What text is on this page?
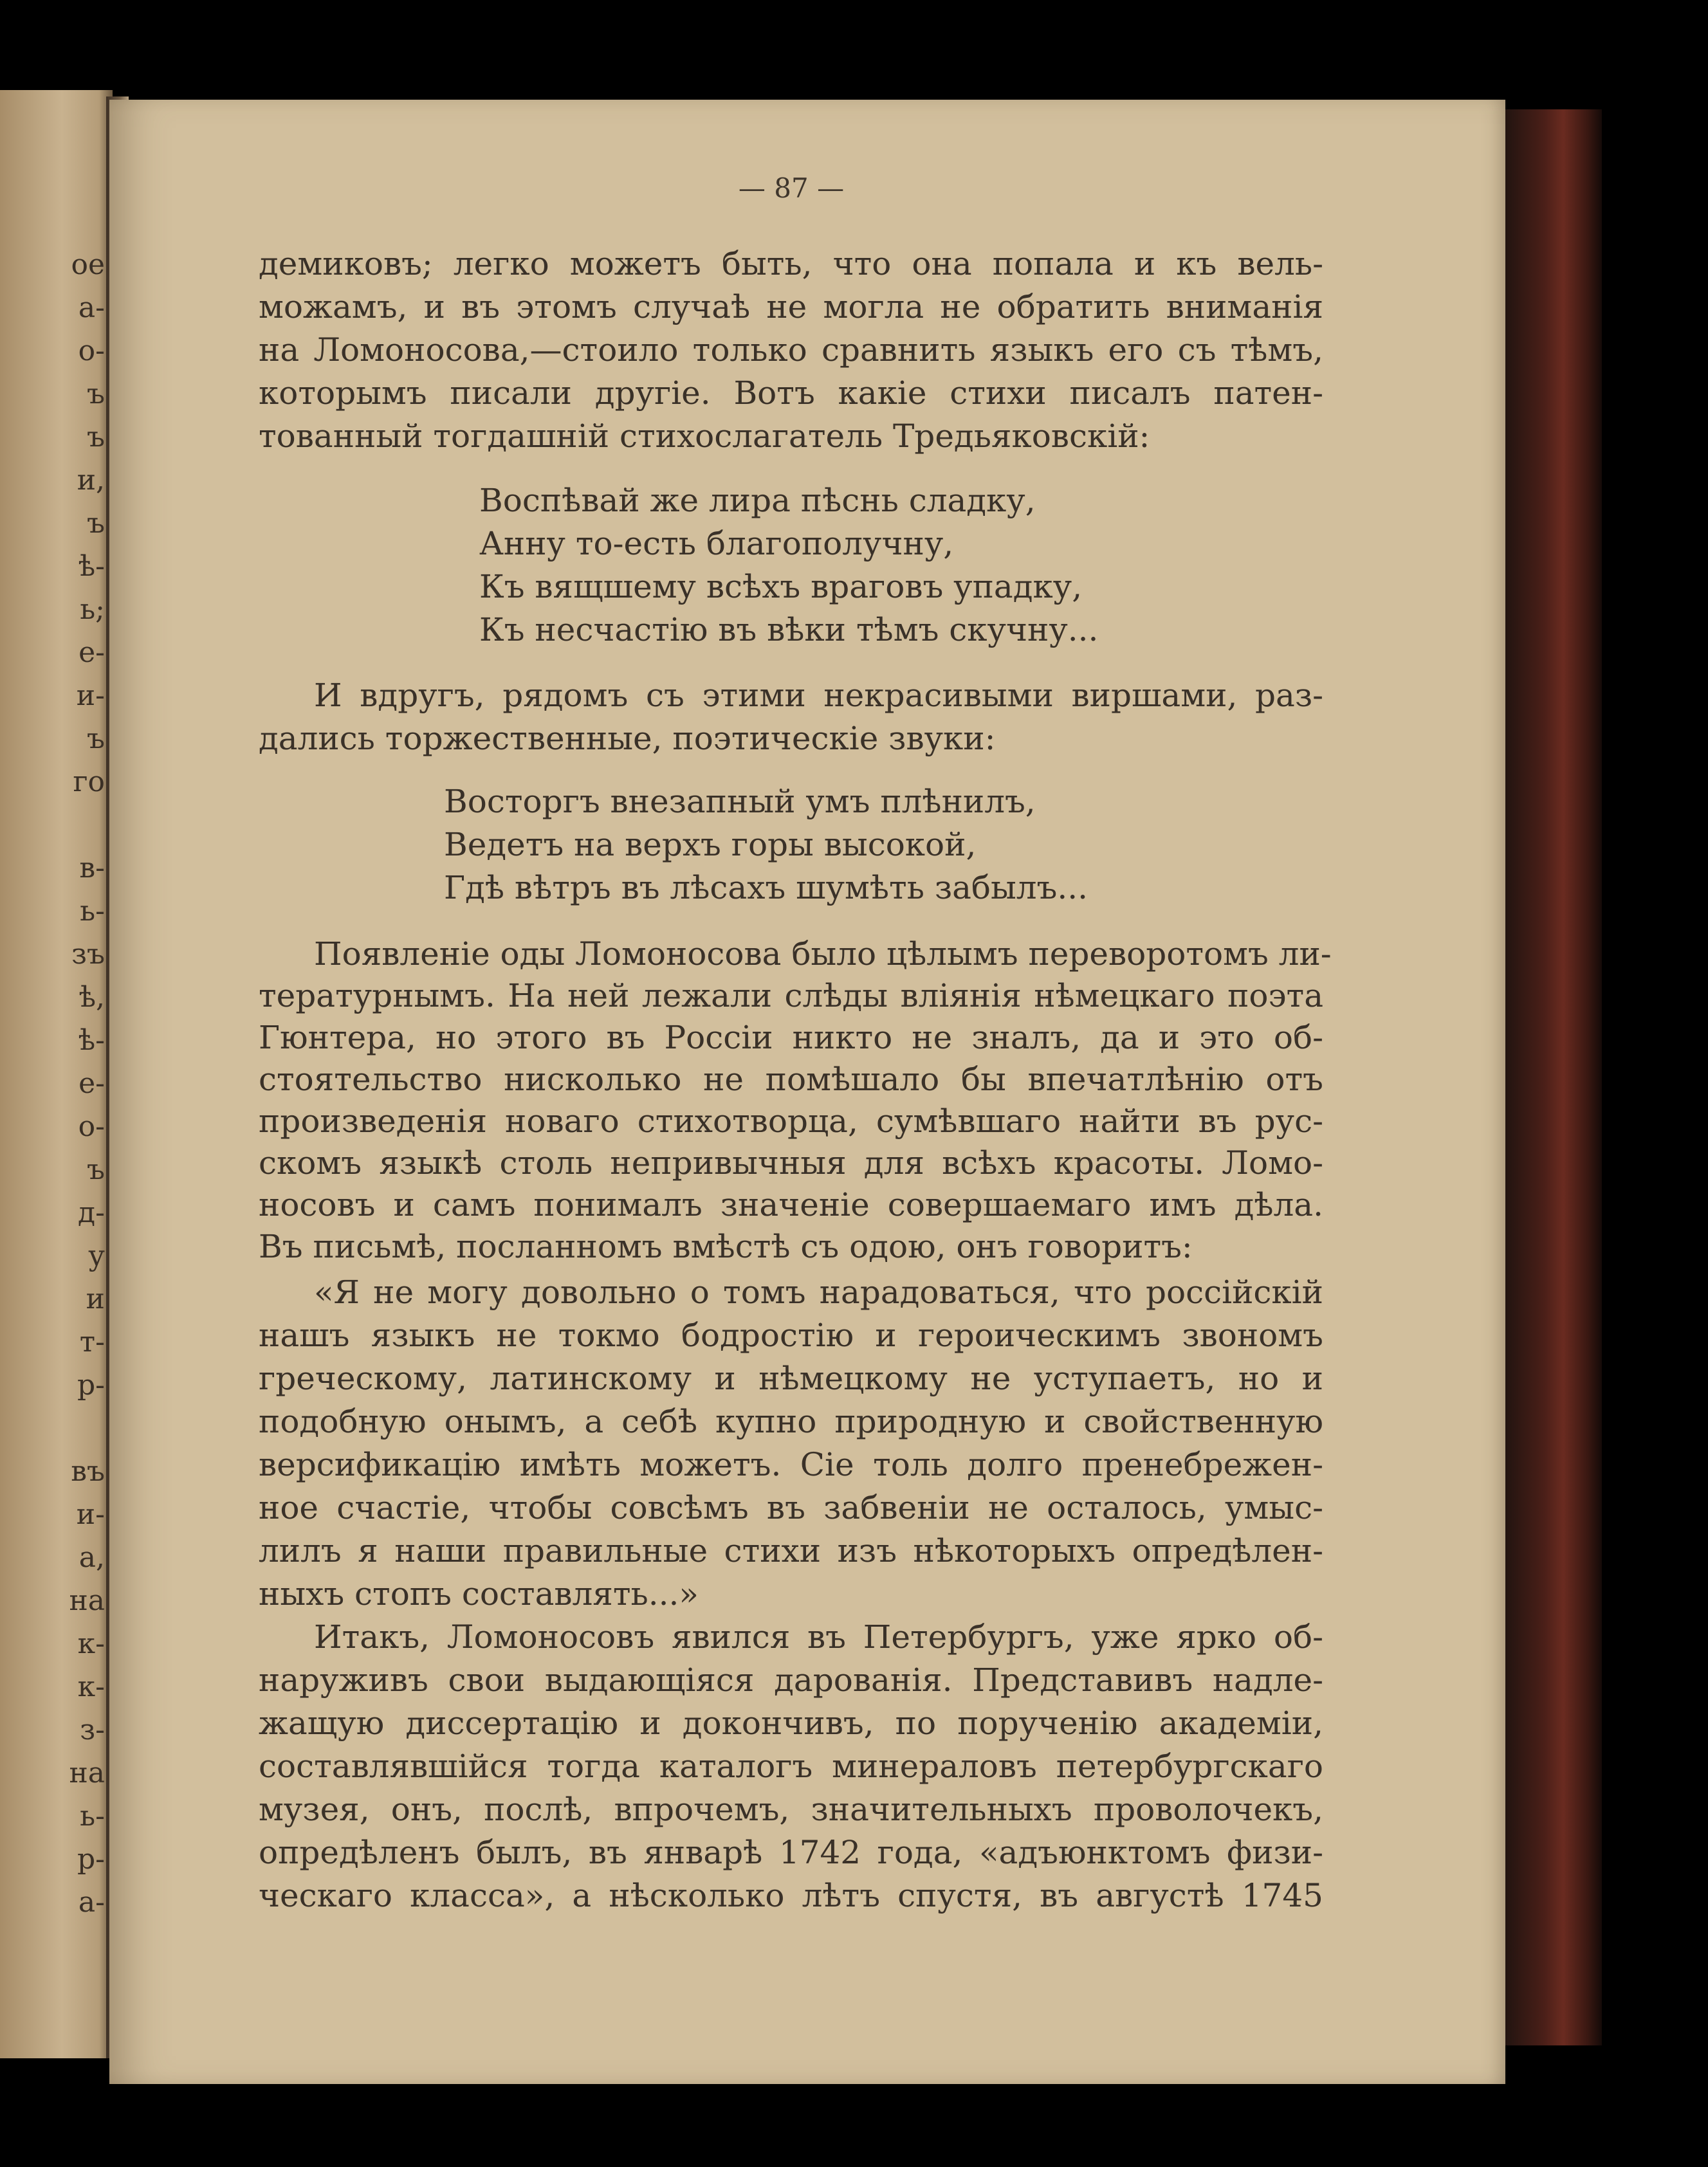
ое
а-
о-
ъ
ъ
и,
ъ
ѣ-
ь;
е-
и-
ъ
го
в-
ь-
зъ
ѣ,
ѣ-
е-
о-
ъ
д-
у
и
т-
р-
въ
и-
а,
на
к-
к-
з-
на
ь-
р-
а-
— 87 —
демиковъ; легко можетъ быть, что она попала и къ вель-
можамъ, и въ этомъ случаѣ не могла не обратить вниманія
на Ломоносова,—стоило только сравнить языкъ его съ тѣмъ,
которымъ писали другіе. Вотъ какіе стихи писалъ патен-
тованный тогдашній стихослагатель Тредьяковскій:
Воспѣвай же лира пѣснь сладку,
Анну то-есть благополучну,
Къ вящшему всѣхъ враговъ упадку,
Къ несчастію въ вѣки тѣмъ скучну...
И вдругъ, рядомъ съ этими некрасивыми виршами, раз-
дались торжественные, поэтическіе звуки:
Восторгъ внезапный умъ плѣнилъ,
Ведетъ на верхъ горы высокой,
Гдѣ вѣтръ въ лѣсахъ шумѣть забылъ...
Появленіе оды Ломоносова было цѣлымъ переворотомъ ли-
тературнымъ. На ней лежали слѣды вліянія нѣмецкаго поэта
Гюнтера, но этого въ Россіи никто не зналъ, да и это об-
стоятельство нисколько не помѣшало бы впечатлѣнію отъ
произведенія новаго стихотворца, сумѣвшаго найти въ рус-
скомъ языкѣ столь непривычныя для всѣхъ красоты. Ломо-
носовъ и самъ понималъ значеніе совершаемаго имъ дѣла.
Въ письмѣ, посланномъ вмѣстѣ съ одою, онъ говоритъ:
«Я не могу довольно о томъ нарадоваться, что россійскій
нашъ языкъ не токмо бодростію и героическимъ звономъ
греческому, латинскому и нѣмецкому не уступаетъ, но и
подобную онымъ, а себѣ купно природную и свойственную
версификацію имѣть можетъ. Сіе толь долго пренебрежен-
ное счастіе, чтобы совсѣмъ въ забвеніи не осталось, умыс-
лилъ я наши правильные стихи изъ нѣкоторыхъ опредѣлен-
ныхъ стопъ составлять...»
Итакъ, Ломоносовъ явился въ Петербургъ, уже ярко об-
наруживъ свои выдающіяся дарованія. Представивъ надле-
жащую диссертацію и докончивъ, по порученію академіи,
составлявшійся тогда каталогъ минераловъ петербургскаго
музея, онъ, послѣ, впрочемъ, значительныхъ проволочекъ,
опредѣленъ былъ, въ январѣ 1742 года, «адъюнктомъ физи-
ческаго класса», а нѣсколько лѣтъ спустя, въ августѣ 1745
